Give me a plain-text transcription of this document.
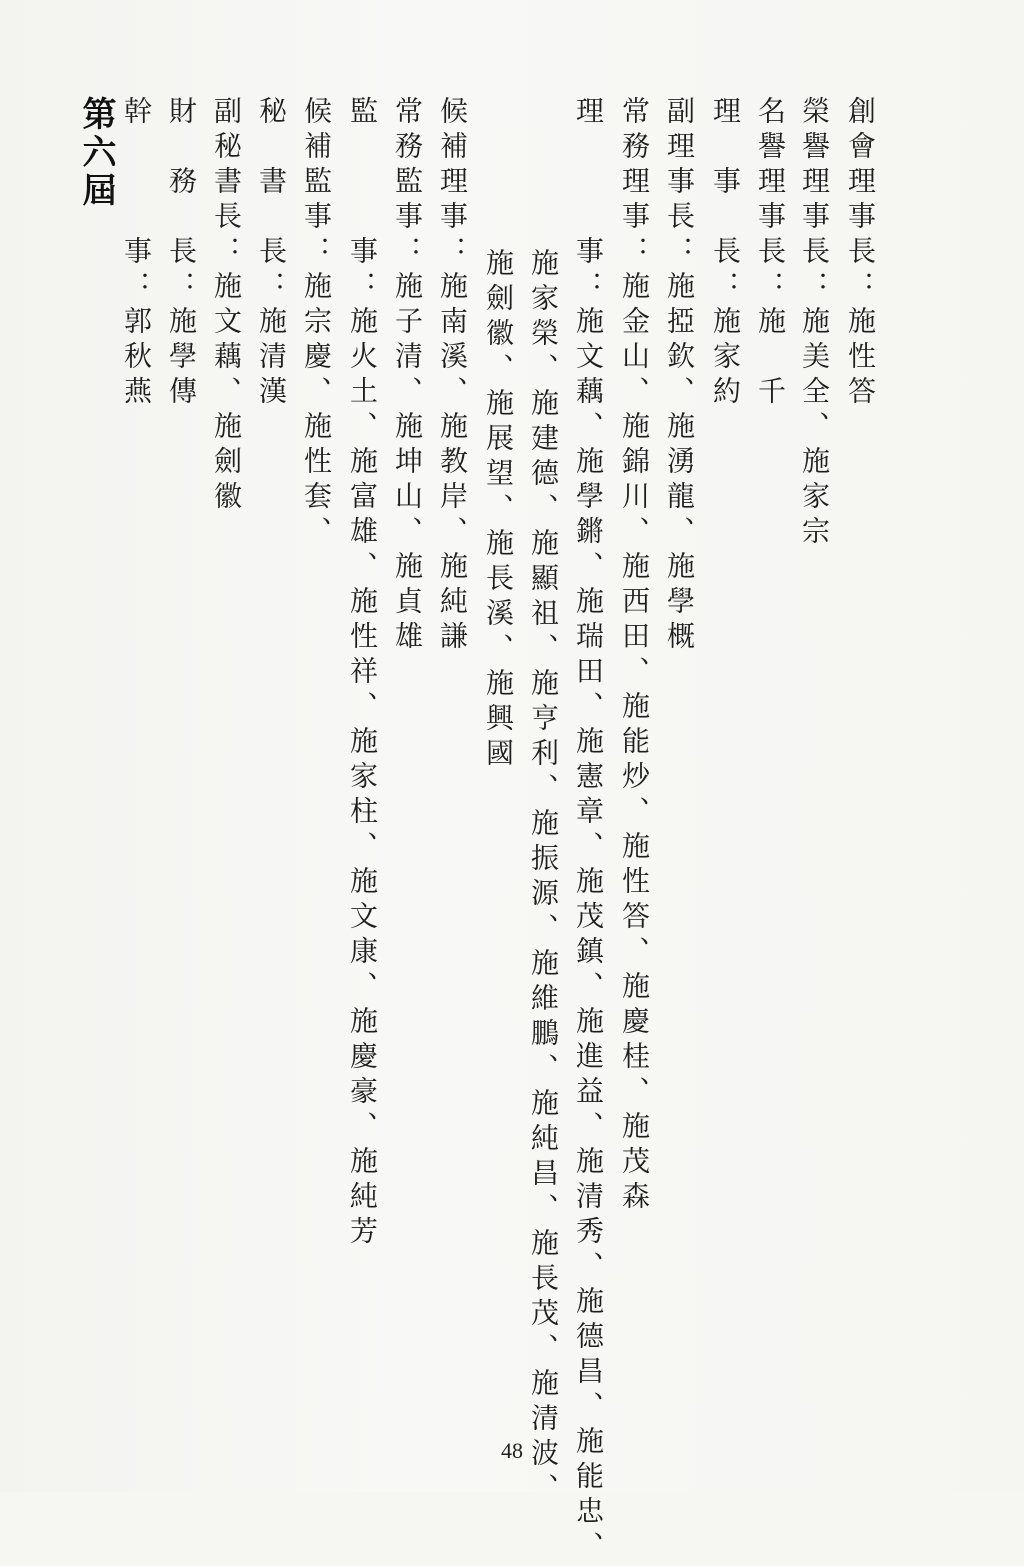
創會理事長：施性答
榮譽理事長：施美全、施家宗
名譽理事長：施　千
理　事　長：施家約
副理事長：施掗欽、施湧龍、施學概
常務理事：施金山、施錦川、施西田、施能炒、施性答、施慶桂、施茂森
理　　　事：施文藕、施學鏘、施瑞田、施憲章、施茂鎮、施進益、施清秀、施德昌、施能忠、
施家榮、施建德、施顯祖、施亨利、施振源、施維鵬、施純昌、施長茂、施清波、
施劍徽、施展望、施長溪、施興國
候補理事：施南溪、施教岸、施純謙
常務監事：施子清、施坤山、施貞雄
監　　　事：施火土、施富雄、施性祥、施家柱、施文康、施慶豪、施純芳
候補監事：施宗慶、施性套、
秘　書　長：施清漢
副秘書長：施文藕、施劍徽
財　務　長：施學傳
幹　　　事：郭秋燕
第六屆
48
